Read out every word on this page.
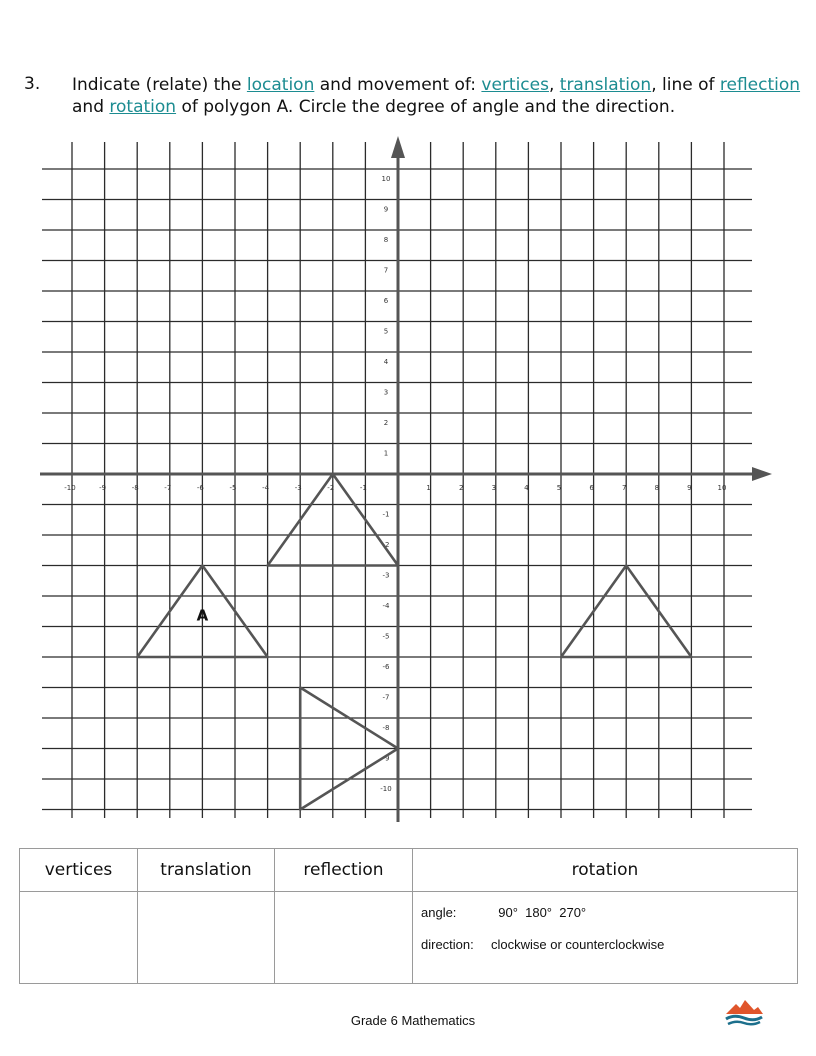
3. Indicate (relate) the location and movement of: vertices, translation, line of reflection and rotation of polygon A. Circle the degree of angle and the direction.
-10	-9	-8	-7	-6	-5	-4	-3	-2	-1	1	2	3	4	5	6	7	8	9	10
10
9
8
7
6
5
4
3
2
1
-1
-2
-3
-4
-5
-6
-7
-8
-9
-10
A
vertices	translation	reflection	rotation

			angle: 90°  180°  270°
direction: clockwise or counterclockwise
Grade 6 Mathematics
